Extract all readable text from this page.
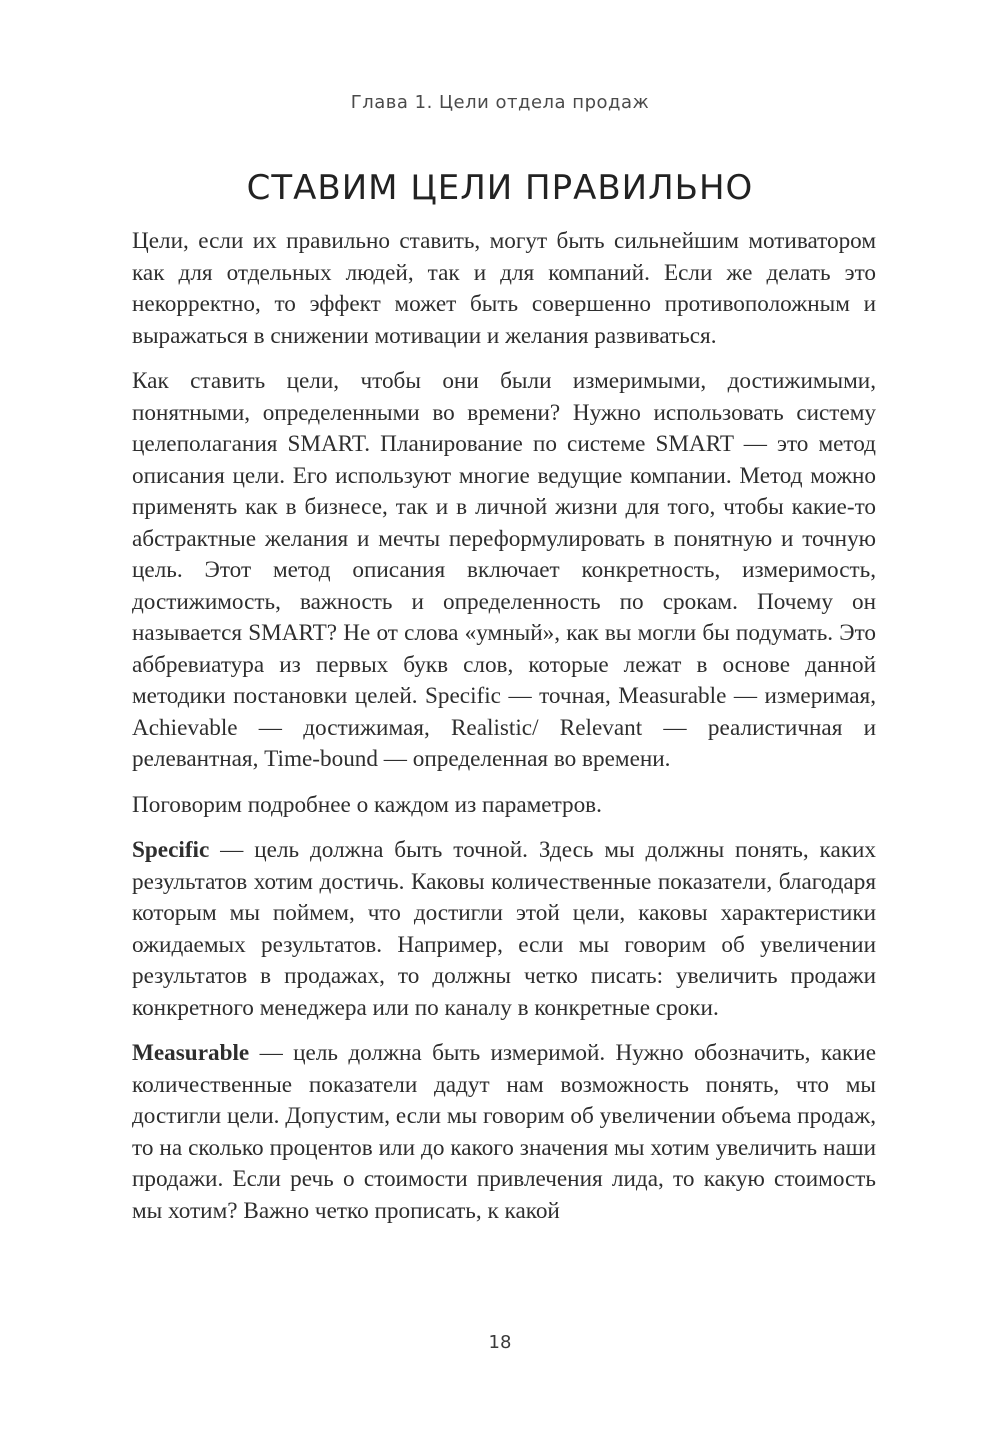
Глава 1. Цели отдела продаж
СТАВИМ ЦЕЛИ ПРАВИЛЬНО

Цели, если их правильно ставить, могут быть сильнейшим мотиватором как для отдельных людей, так и для компаний. Если же делать это некорректно, то эффект может быть совершенно противоположным и выражаться в снижении мотивации и желания развиваться.

Как ставить цели, чтобы они были измеримыми, достижимыми, понятными, определенными во времени? Нужно использовать систему целеполагания SMART. Планирование по системе SMART — это метод описания цели. Его используют многие ведущие компании. Метод можно применять как в бизнесе, так и в личной жизни для того, чтобы какие-то абстрактные желания и мечты переформулировать в понятную и точную цель. Этот метод описания включает конкретность, измеримость, достижимость, важность и определенность по срокам. Почему он называется SMART? Не от слова «умный», как вы могли бы подумать. Это аббревиатура из первых букв слов, которые лежат в основе данной методики постановки целей. Specific — точная, Measurable — измеримая, Achievable — достижимая, Realistic/ Relevant — реалистичная и релевантная, Time-bound — определенная во времени.

Поговорим подробнее о каждом из параметров.

Specific — цель должна быть точной. Здесь мы должны понять, каких результатов хотим достичь. Каковы количественные показатели, благодаря которым мы поймем, что достигли этой цели, каковы характеристики ожидаемых результатов. Например, если мы говорим об увеличении результатов в продажах, то должны четко писать: увеличить продажи конкретного менеджера или по каналу в конкретные сроки.

Measurable — цель должна быть измеримой. Нужно обозначить, какие количественные показатели дадут нам возможность понять, что мы достигли цели. Допустим, если мы говорим об увеличении объема продаж, то на сколько процентов или до какого значения мы хотим увеличить наши продажи. Если речь о стоимости привлечения лида, то какую стоимость мы хотим? Важно четко прописать, к какой

18
